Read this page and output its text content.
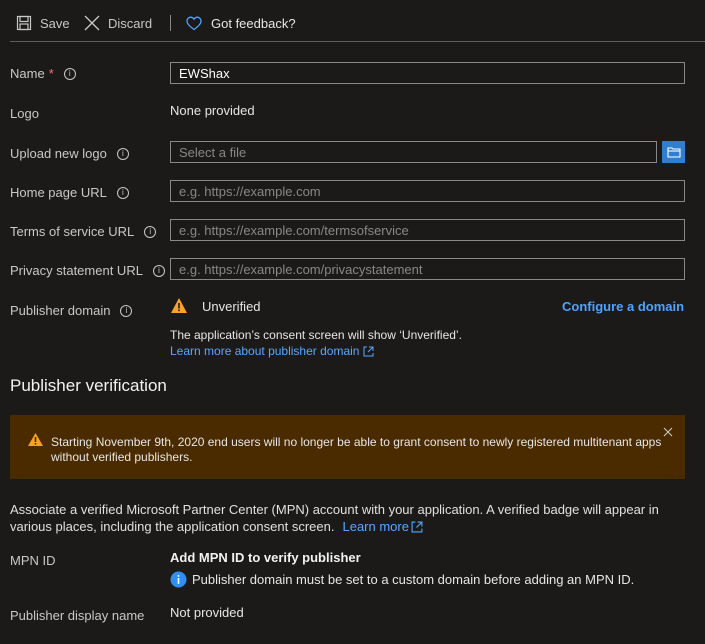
Save	Discard	Got feedback?
Name *	i	EWShax
Logo	None provided
Upload new logo	i	Select a file
Home page URL	i	e.g. https://example.com
Terms of service URL	i	e.g. https://example.com/termsofservice
Privacy statement URL	i	e.g. https://example.com/privacystatement
Publisher domain	i	Unverified	Configure a domain
The application’s consent screen will show ‘Unverified’.
Learn more about publisher domain
Publisher verification
Starting November 9th, 2020 end users will no longer be able to grant consent to newly registered multitenant apps
without verified publishers.
Associate a verified Microsoft Partner Center (MPN) account with your application. A verified badge will appear in
various places, including the application consent screen. Learn more
MPN ID	Add MPN ID to verify publisher
Publisher domain must be set to a custom domain before adding an MPN ID.
Publisher display name Not provided
